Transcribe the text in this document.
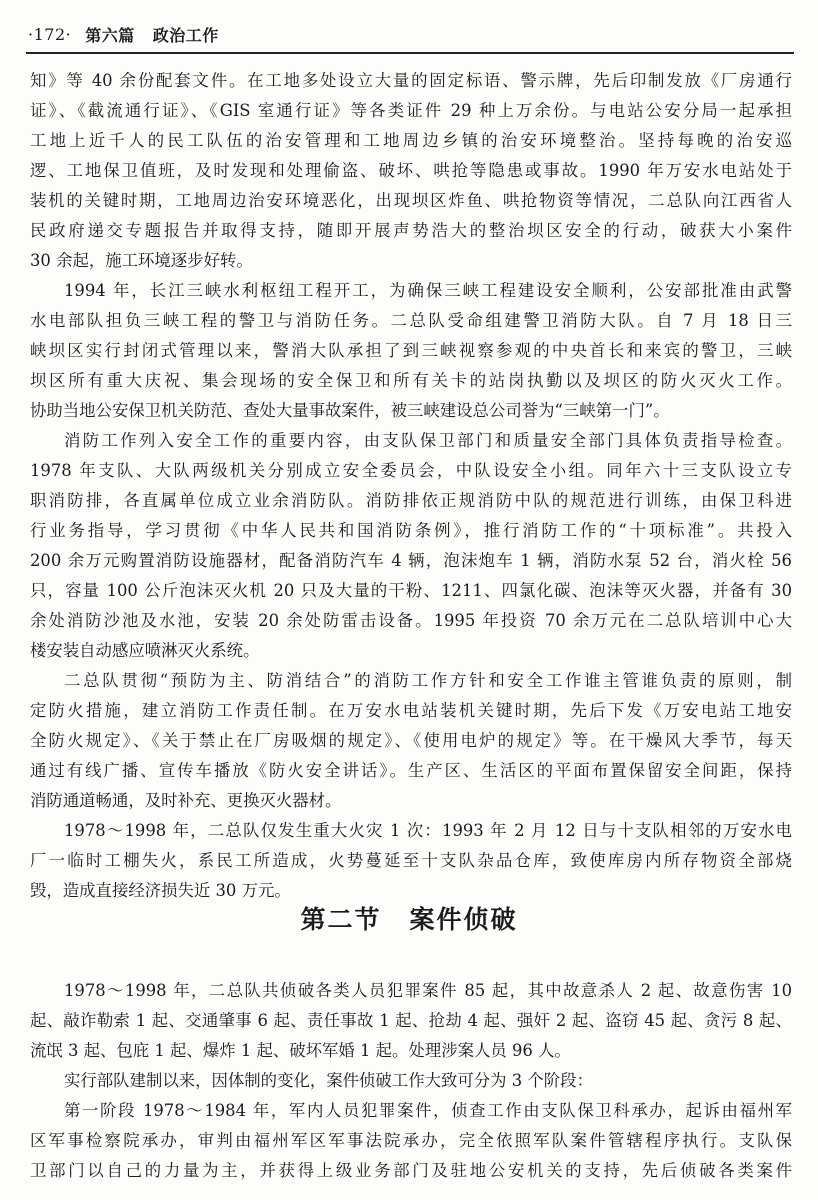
·172· 第六篇 政治工作
知》等 40 余份配套文件。在工地多处设立大量的固定标语、警示牌，先后印制发放《厂房通行
证》、《截流通行证》、《GIS 室通行证》等各类证件 29 种上万余份。与电站公安分局一起承担
工地上近千人的民工队伍的治安管理和工地周边乡镇的治安环境整治。坚持每晚的治安巡
逻、工地保卫值班，及时发现和处理偷盗、破坏、哄抢等隐患或事故。1990 年万安水电站处于
装机的关键时期，工地周边治安环境恶化，出现坝区炸鱼、哄抢物资等情况，二总队向江西省人
民政府递交专题报告并取得支持，随即开展声势浩大的整治坝区安全的行动，破获大小案件
30 余起，施工环境逐步好转。
1994 年，长江三峡水利枢纽工程开工，为确保三峡工程建设安全顺利，公安部批准由武警
水电部队担负三峡工程的警卫与消防任务。二总队受命组建警卫消防大队。自 7 月 18 日三
峡坝区实行封闭式管理以来，警消大队承担了到三峡视察参观的中央首长和来宾的警卫，三峡
坝区所有重大庆祝、集会现场的安全保卫和所有关卡的站岗执勤以及坝区的防火灭火工作。
协助当地公安保卫机关防范、查处大量事故案件，被三峡建设总公司誉为“三峡第一门”。
消防工作列入安全工作的重要内容，由支队保卫部门和质量安全部门具体负责指导检查。
1978 年支队、大队两级机关分别成立安全委员会，中队设安全小组。同年六十三支队设立专
职消防排，各直属单位成立业余消防队。消防排依正规消防中队的规范进行训练，由保卫科进
行业务指导，学习贯彻《中华人民共和国消防条例》，推行消防工作的“十项标准”。共投入
200 余万元购置消防设施器材，配备消防汽车 4 辆，泡沫炮车 1 辆，消防水泵 52 台，消火栓 56
只，容量 100 公斤泡沫灭火机 20 只及大量的干粉、1211、四氯化碳、泡沫等灭火器，并备有 30
余处消防沙池及水池，安装 20 余处防雷击设备。1995 年投资 70 余万元在二总队培训中心大
楼安装自动感应喷淋灭火系统。
二总队贯彻“预防为主、防消结合”的消防工作方针和安全工作谁主管谁负责的原则，制
定防火措施，建立消防工作责任制。在万安水电站装机关键时期，先后下发《万安电站工地安
全防火规定》、《关于禁止在厂房吸烟的规定》、《使用电炉的规定》等。在干燥风大季节，每天
通过有线广播、宣传车播放《防火安全讲话》。生产区、生活区的平面布置保留安全间距，保持
消防通道畅通，及时补充、更换灭火器材。
1978～1998 年，二总队仅发生重大火灾 1 次：1993 年 2 月 12 日与十支队相邻的万安水电
厂一临时工棚失火，系民工所造成，火势蔓延至十支队杂品仓库，致使库房内所存物资全部烧
毁，造成直接经济损失近 30 万元。
第二节 案件侦破
1978～1998 年，二总队共侦破各类人员犯罪案件 85 起，其中故意杀人 2 起、故意伤害 10
起、敲诈勒索 1 起、交通肇事 6 起、责任事故 1 起、抢劫 4 起、强奸 2 起、盗窃 45 起、贪污 8 起、
流氓 3 起、包庇 1 起、爆炸 1 起、破坏军婚 1 起。处理涉案人员 96 人。
实行部队建制以来，因体制的变化，案件侦破工作大致可分为 3 个阶段：
第一阶段 1978～1984 年，军内人员犯罪案件，侦查工作由支队保卫科承办，起诉由福州军
区军事检察院承办，审判由福州军区军事法院承办，完全依照军队案件管辖程序执行。支队保
卫部门以自己的力量为主，并获得上级业务部门及驻地公安机关的支持，先后侦破各类案件
